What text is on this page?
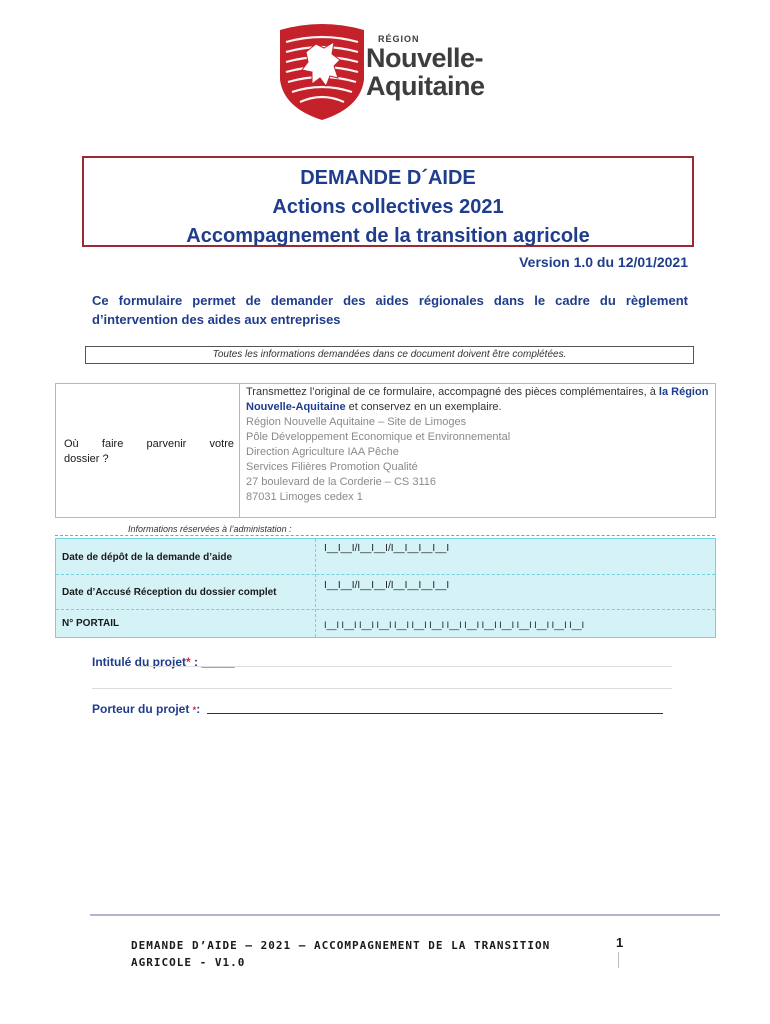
RÉGION
Nouvelle-
Aquitaine
DEMANDE D´AIDE
Actions collectives 2021
Accompagnement de la transition agricole
Version 1.0 du 12/01/2021
Ce formulaire permet de demander des aides régionales dans le cadre du règlement d’intervention des aides aux entreprises
Toutes les informations demandées dans ce document doivent être complétées.
Où faire parvenir votre
dossier ?
Transmettez l’original de ce formulaire, accompagné des pièces complémentaires, à la Région Nouvelle-Aquitaine et conservez en un exemplaire.
Région Nouvelle Aquitaine – Site de Limoges
Pôle Développement Economique et Environnemental
Direction Agriculture IAA Pêche
Services Filières Promotion Qualité
27 boulevard de la Corderie – CS 3116
87031 Limoges cedex 1
Informations réservées à l’administation :
Date de dépôt de la demande d’aide
I__I__I/I__I__I/I__I__I__I__I
Date d’Accusé Réception du dossier complet
I__I__I/I__I__I/I__I__I__I__I
N° PORTAIL	I__I I__I I__I I__I I__I I__I I__I I__I I__I I__I I__I I__I I__I I__I I__I
Intitulé du projet* : _____
Porteur du projet *:
DEMANDE D’AIDE – 2021 – ACCOMPAGNEMENT DE LA TRANSITION
AGRICOLE - V1.0
1
